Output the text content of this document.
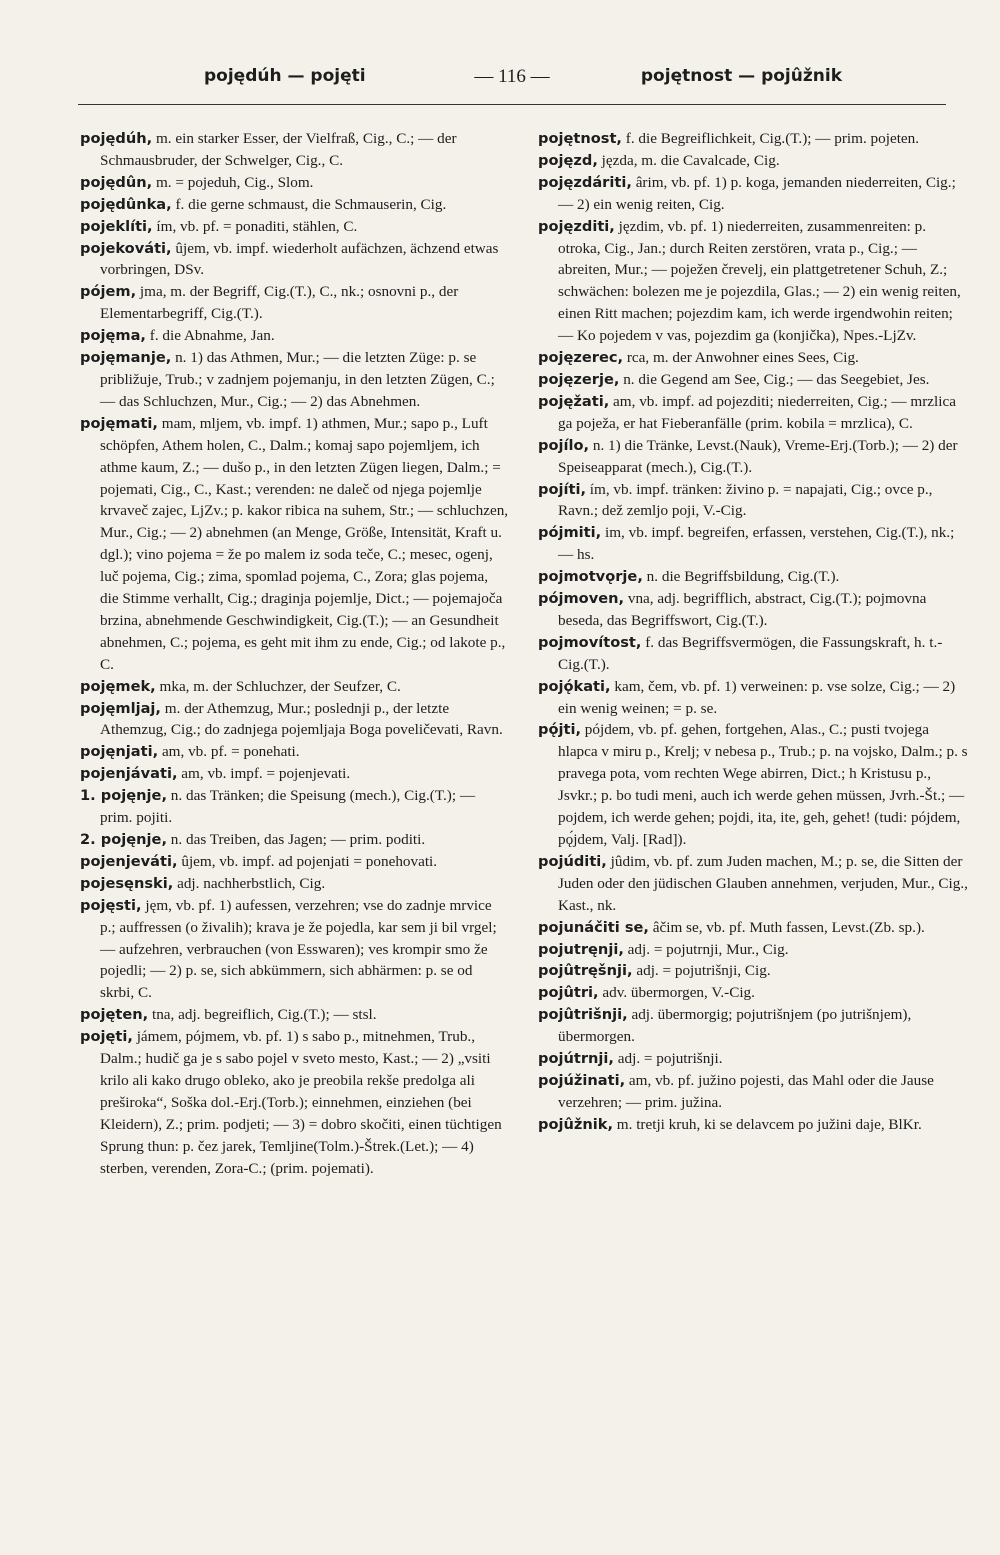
pojędúh — pojęti	— 116 —	pojętnost — pojûžnik

pojędúh, m. ein starker Esser, der Vielfraß, Cig., C.; — der Schmausbruder, der Schwelger, Cig., C.

pojędûn, m. = pojeduh, Cig., Slom.

pojędûnka, f. die gerne schmaust, die Schmauserin, Cig.

pojeklíti, ím, vb. pf. = ponaditi, stählen, C.

pojekováti, ûjem, vb. impf. wiederholt aufächzen, ächzend etwas vorbringen, DSv.

pójem, jma, m. der Begriff, Cig.(T.), C., nk.; osnovni p., der Elementarbegriff, Cig.(T.).

pojęma, f. die Abnahme, Jan.

pojęmanje, n. 1) das Athmen, Mur.; — die letzten Züge: p. se približuje, Trub.; v zadnjem pojemanju, in den letzten Zügen, C.; — das Schluchzen, Mur., Cig.; — 2) das Abnehmen.

pojęmati, mam, mljem, vb. impf. 1) athmen, Mur.; sapo p., Luft schöpfen, Athem holen, C., Dalm.; komaj sapo pojemljem, ich athme kaum, Z.; — dušo p., in den letzten Zügen liegen, Dalm.; = pojemati, Cig., C., Kast.; verenden: ne daleč od njega pojemlje krvaveč zajec, LjZv.; p. kakor ribica na suhem, Str.; — schluchzen, Mur., Cig.; — 2) abnehmen (an Menge, Größe, Intensität, Kraft u. dgl.); vino pojema = že po malem iz soda teče, C.; mesec, ogenj, luč pojema, Cig.; zima, spomlad pojema, C., Zora; glas pojema, die Stimme verhallt, Cig.; draginja pojemlje, Dict.; — pojemajoča brzina, abnehmende Geschwindigkeit, Cig.(T.); — an Gesundheit abnehmen, C.; pojema, es geht mit ihm zu ende, Cig.; od lakote p., C.

pojęmek, mka, m. der Schluchzer, der Seufzer, C.

pojęmljaj, m. der Athemzug, Mur.; poslednji p., der letzte Athemzug, Cig.; do zadnjega pojemljaja Boga poveličevati, Ravn.

pojęnjati, am, vb. pf. = ponehati.

pojenjávati, am, vb. impf. = pojenjevati.

1. pojęnje, n. das Tränken; die Speisung (mech.), Cig.(T.); — prim. pojiti.

2. pojęnje, n. das Treiben, das Jagen; — prim. poditi.

pojenjeváti, ûjem, vb. impf. ad pojenjati = ponehovati.

pojesęnski, adj. nachherbstlich, Cig.

pojęsti, jęm, vb. pf. 1) aufessen, verzehren; vse do zadnje mrvice p.; auffressen (o živalih); krava je že pojedla, kar sem ji bil vrgel; — aufzehren, verbrauchen (von Esswaren); ves krompir smo že pojedli; — 2) p. se, sich abkümmern, sich abhärmen: p. se od skrbi, C.

pojęten, tna, adj. begreiflich, Cig.(T.); — stsl.

pojęti, jámem, pójmem, vb. pf. 1) s sabo p., mitnehmen, Trub., Dalm.; hudič ga je s sabo pojel v sveto mesto, Kast.; — 2) „vsiti krilo ali kako drugo obleko, ako je preobila rekše predolga ali preširoka“, Soška dol.-Erj.(Torb.); einnehmen, einziehen (bei Kleidern), Z.; prim. podjeti; — 3) = dobro skočiti, einen tüchtigen Sprung thun: p. čez jarek, Temljine(Tolm.)-Štrek.(Let.); — 4) sterben, verenden, Zora-C.; (prim. pojemati).

pojętnost, f. die Begreiflichkeit, Cig.(T.); — prim. pojeten.

pojęzd, jęzda, m. die Cavalcade, Cig.

pojęzdáriti, ârim, vb. pf. 1) p. koga, jemanden niederreiten, Cig.; — 2) ein wenig reiten, Cig.

pojęzditi, jęzdim, vb. pf. 1) niederreiten, zusammenreiten: p. otroka, Cig., Jan.; durch Reiten zerstören, vrata p., Cig.; — abreiten, Mur.; — poježen črevelj, ein plattgetretener Schuh, Z.; schwächen: bolezen me je pojezdila, Glas.; — 2) ein wenig reiten, einen Ritt machen; pojezdim kam, ich werde irgendwohin reiten; — Ko pojedem v vas, pojezdim ga (konjička), Npes.-LjZv.

pojęzerec, rca, m. der Anwohner eines Sees, Cig.

pojęzerje, n. die Gegend am See, Cig.; — das Seegebiet, Jes.

pojęžati, am, vb. impf. ad pojezditi; niederreiten, Cig.; — mrzlica ga poježa, er hat Fieberanfälle (prim. kobila = mrzlica), C.

pojílo, n. 1) die Tränke, Levst.(Nauk), Vreme-Erj.(Torb.); — 2) der Speiseapparat (mech.), Cig.(T.).

pojíti, ím, vb. impf. tränken: živino p. = napajati, Cig.; ovce p., Ravn.; dež zemljo poji, V.-Cig.

pójmiti, im, vb. impf. begreifen, erfassen, verstehen, Cig.(T.), nk.; — hs.

pojmotvǫrje, n. die Begriffsbildung, Cig.(T.).

pójmoven, vna, adj. begrifflich, abstract, Cig.(T.); pojmovna beseda, das Begriffswort, Cig.(T.).

pojmovítost, f. das Begriffsvermögen, die Fassungskraft, h. t.-Cig.(T.).

pojǫ́kati, kam, čem, vb. pf. 1) verweinen: p. vse solze, Cig.; — 2) ein wenig weinen; = p. se.

pǫ́jti, pójdem, vb. pf. gehen, fortgehen, Alas., C.; pusti tvojega hlapca v miru p., Krelj; v nebesa p., Trub.; p. na vojsko, Dalm.; p. s pravega pota, vom rechten Wege abirren, Dict.; h Kristusu p., Jsvkr.; p. bo tudi meni, auch ich werde gehen müssen, Jvrh.-Št.; — pojdem, ich werde gehen; pojdi, ita, ite, geh, gehet! (tudi: pójdem, pǫ́jdem, Valj. [Rad]).

pojúditi, jûdim, vb. pf. zum Juden machen, M.; p. se, die Sitten der Juden oder den jüdischen Glauben annehmen, verjuden, Mur., Cig., Kast., nk.

pojunáčiti se, âčim se, vb. pf. Muth fassen, Levst.(Zb. sp.).

pojutręnji, adj. = pojutrnji, Mur., Cig.

pojûtręšnji, adj. = pojutrišnji, Cig.

pojûtri, adv. übermorgen, V.-Cig.

pojûtrišnji, adj. übermorgig; pojutrišnjem (po jutrišnjem), übermorgen.

pojútrnji, adj. = pojutrišnji.

pojúžinati, am, vb. pf. južino pojesti, das Mahl oder die Jause verzehren; — prim. južina.

pojûžnik, m. tretji kruh, ki se delavcem po južini daje, BlKr.
